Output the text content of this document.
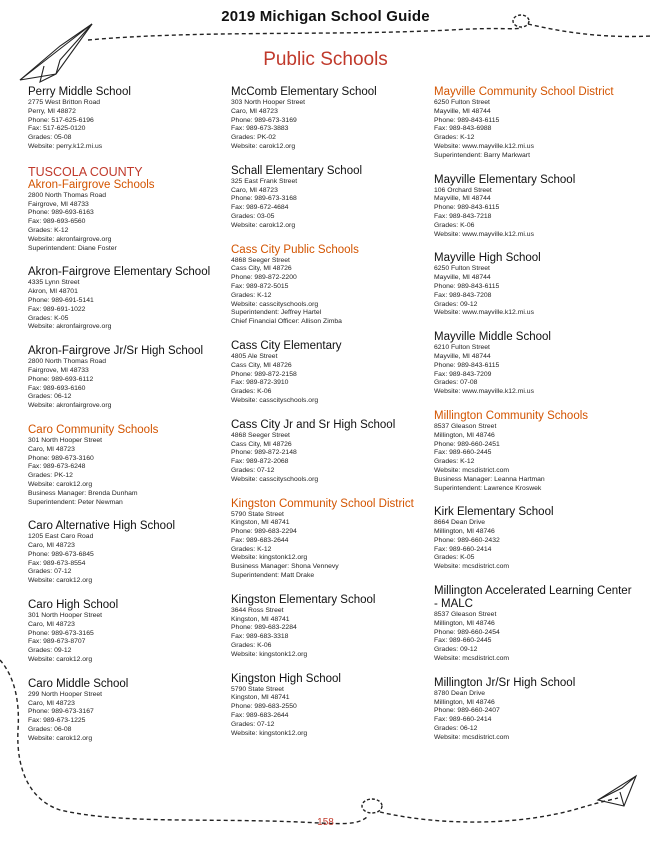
2019 Michigan School Guide
Public Schools
Perry Middle School
2775 West Britton Road
Perry, MI 48872
Phone: 517-625-6196
Fax: 517-625-0120
Grades: 05-08
Website: perry.k12.mi.us
TUSCOLA COUNTY
Akron-Fairgrove Schools
2800 North Thomas Road
Fairgrove, MI 48733
Phone: 989-693-6163
Fax: 989-693-6560
Grades: K-12
Website: akronfairgrove.org
Superintendent: Diane Foster
Akron-Fairgrove Elementary School
4335 Lynn Street
Akron, MI 48701
Phone: 989-691-5141
Fax: 989-691-1022
Grades: K-05
Website: akronfairgrove.org
Akron-Fairgrove Jr/Sr High School
2800 North Thomas Road
Fairgrove, MI 48733
Phone: 989-693-6112
Fax: 989-693-6160
Grades: 06-12
Website: akronfairgrove.org
Caro Community Schools
301 North Hooper Street
Caro, MI 48723
Phone: 989-673-3160
Fax: 989-673-6248
Grades: PK-12
Website: carok12.org
Business Manager: Brenda Dunham
Superintendent: Peter Newman
Caro Alternative High School
1205 East Caro Road
Caro, MI 48723
Phone: 989-673-6845
Fax: 989-673-8554
Grades: 07-12
Website: carok12.org
Caro High School
301 North Hooper Street
Caro, MI 48723
Phone: 989-673-3165
Fax: 989-673-8707
Grades: 09-12
Website: carok12.org
Caro Middle School
299 North Hooper Street
Caro, MI 48723
Phone: 989-673-3167
Fax: 989-673-1225
Grades: 06-08
Website: carok12.org
McComb Elementary School
303 North Hooper Street
Caro, MI 48723
Phone: 989-673-3169
Fax: 989-673-3883
Grades: PK-02
Website: carok12.org
Schall Elementary School
325 East Frank Street
Caro, MI 48723
Phone: 989-673-3168
Fax: 989-672-4684
Grades: 03-05
Website: carok12.org
Cass City Public Schools
4868 Seeger Street
Cass City, MI 48726
Phone: 989-872-2200
Fax: 989-872-5015
Grades: K-12
Website: casscityschools.org
Superintendent: Jeffrey Hartel
Chief Financial Officer: Allison Zimba
Cass City Elementary
4805 Ale Street
Cass City, MI 48726
Phone: 989-872-2158
Fax: 989-872-3910
Grades: K-06
Website: casscityschools.org
Cass City Jr and Sr High School
4868 Seeger Street
Cass City, MI 48726
Phone: 989-872-2148
Fax: 989-872-2068
Grades: 07-12
Website: casscityschools.org
Kingston Community School District
5790 State Street
Kingston, MI 48741
Phone: 989-683-2294
Fax: 989-683-2644
Grades: K-12
Website: kingstonk12.org
Business Manager: Shona Vennevy
Superintendent: Matt Drake
Kingston Elementary School
3644 Ross Street
Kingston, MI 48741
Phone: 989-683-2284
Fax: 989-683-3318
Grades: K-06
Website: kingstonk12.org
Kingston High School
5790 State Street
Kingston, MI 48741
Phone: 989-683-2550
Fax: 989-683-2644
Grades: 07-12
Website: kingstonk12.org
Mayville Community School District
6250 Fulton Street
Mayville, MI 48744
Phone: 989-843-6115
Fax: 989-843-6988
Grades: K-12
Website: www.mayville.k12.mi.us
Superintendent: Barry Markwart
Mayville Elementary School
106 Orchard Street
Mayville, MI 48744
Phone: 989-843-6115
Fax: 989-843-7218
Grades: K-06
Website: www.mayville.k12.mi.us
Mayville High School
6250 Fulton Street
Mayville, MI 48744
Phone: 989-843-6115
Fax: 989-843-7208
Grades: 09-12
Website: www.mayville.k12.mi.us
Mayville Middle School
6210 Fulton Street
Mayville, MI 48744
Phone: 989-843-6115
Fax: 989-843-7209
Grades: 07-08
Website: www.mayville.k12.mi.us
Millington Community Schools
8537 Gleason Street
Millington, MI 48746
Phone: 989-660-2451
Fax: 989-660-2445
Grades: K-12
Website: mcsdistrict.com
Business Manager: Leanna Hartman
Superintendent: Lawrence Kroswek
Kirk Elementary School
8664 Dean Drive
Millington, MI 48746
Phone: 989-660-2432
Fax: 989-660-2414
Grades: K-05
Website: mcsdistrict.com
Millington Accelerated Learning Center - MALC
8537 Gleason Street
Millington, MI 48746
Phone: 989-660-2454
Fax: 989-660-2445
Grades: 09-12
Website: mcsdistrict.com
Millington Jr/Sr High School
8780 Dean Drive
Millington, MI 48746
Phone: 989-660-2407
Fax: 989-660-2414
Grades: 06-12
Website: mcsdistrict.com
158
